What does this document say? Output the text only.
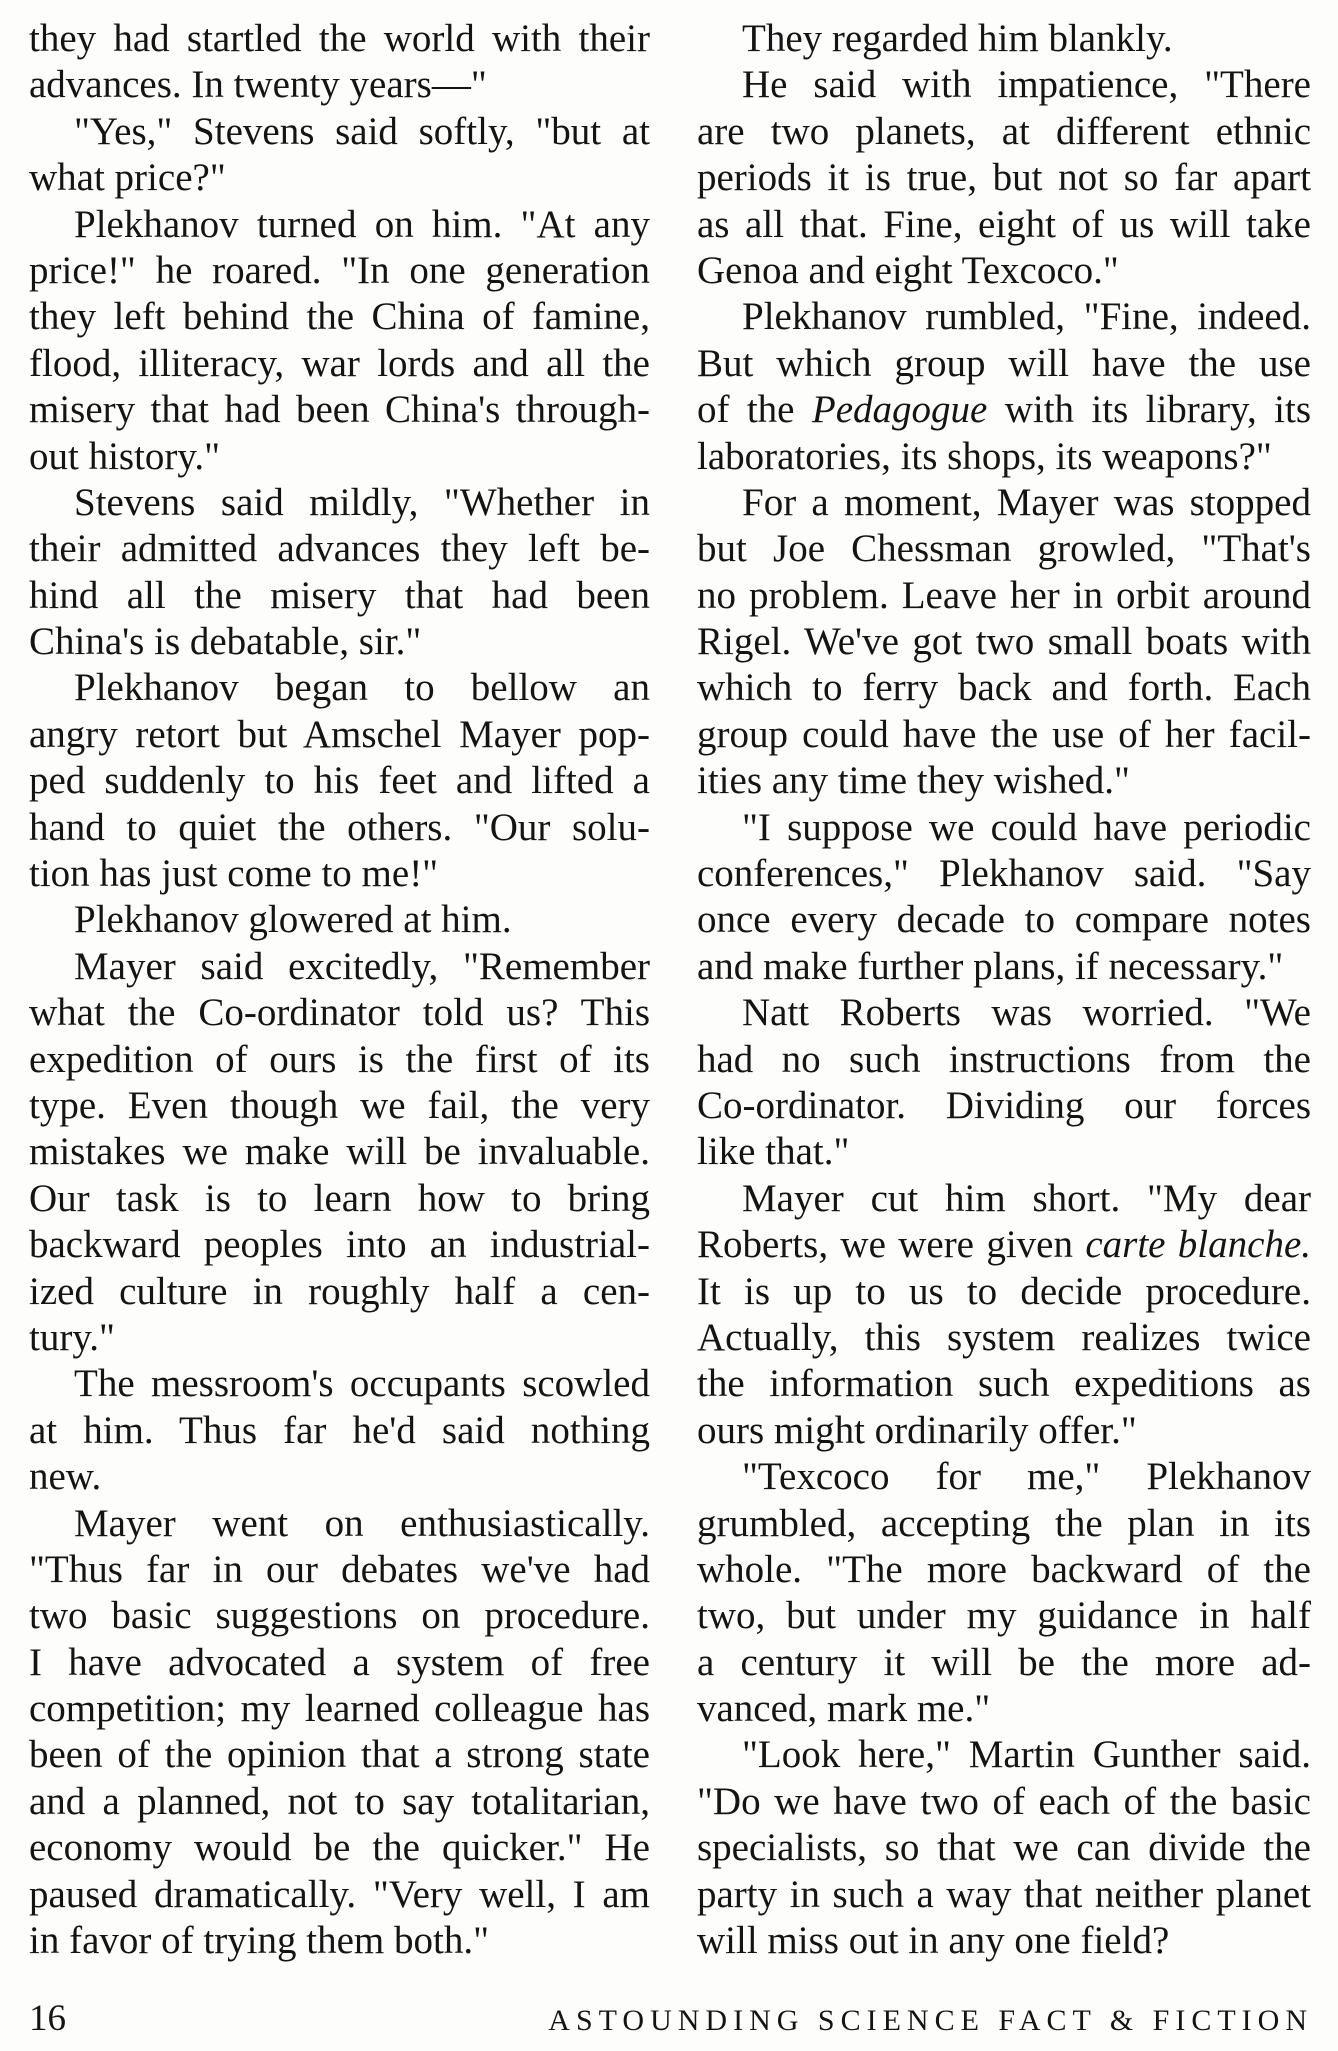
they had startled the world with their
advances. In twenty years—"
"Yes," Stevens said softly, "but at
what price?"
Plekhanov turned on him. "At any
price!" he roared. "In one generation
they left behind the China of famine,
flood, illiteracy, war lords and all the
misery that had been China's through-
out history."
Stevens said mildly, "Whether in
their admitted advances they left be-
hind all the misery that had been
China's is debatable, sir."
Plekhanov began to bellow an
angry retort but Amschel Mayer pop-
ped suddenly to his feet and lifted a
hand to quiet the others. "Our solu-
tion has just come to me!"
Plekhanov glowered at him.
Mayer said excitedly, "Remember
what the Co-ordinator told us? This
expedition of ours is the first of its
type. Even though we fail, the very
mistakes we make will be invaluable.
Our task is to learn how to bring
backward peoples into an industrial-
ized culture in roughly half a cen-
tury."
The messroom's occupants scowled
at him. Thus far he'd said nothing
new.
Mayer went on enthusiastically.
"Thus far in our debates we've had
two basic suggestions on procedure.
I have advocated a system of free
competition; my learned colleague has
been of the opinion that a strong state
and a planned, not to say totalitarian,
economy would be the quicker." He
paused dramatically. "Very well, I am
in favor of trying them both."
They regarded him blankly.
He said with impatience, "There
are two planets, at different ethnic
periods it is true, but not so far apart
as all that. Fine, eight of us will take
Genoa and eight Texcoco."
Plekhanov rumbled, "Fine, indeed.
But which group will have the use
of the Pedagogue with its library, its
laboratories, its shops, its weapons?"
For a moment, Mayer was stopped
but Joe Chessman growled, "That's
no problem. Leave her in orbit around
Rigel. We've got two small boats with
which to ferry back and forth. Each
group could have the use of her facil-
ities any time they wished."
"I suppose we could have periodic
conferences," Plekhanov said. "Say
once every decade to compare notes
and make further plans, if necessary."
Natt Roberts was worried. "We
had no such instructions from the
Co-ordinator. Dividing our forces
like that."
Mayer cut him short. "My dear
Roberts, we were given carte blanche.
It is up to us to decide procedure.
Actually, this system realizes twice
the information such expeditions as
ours might ordinarily offer."
"Texcoco for me," Plekhanov
grumbled, accepting the plan in its
whole. "The more backward of the
two, but under my guidance in half
a century it will be the more ad-
vanced, mark me."
"Look here," Martin Gunther said.
"Do we have two of each of the basic
specialists, so that we can divide the
party in such a way that neither planet
will miss out in any one field?
16	ASTOUNDING SCIENCE FACT & FICTION
